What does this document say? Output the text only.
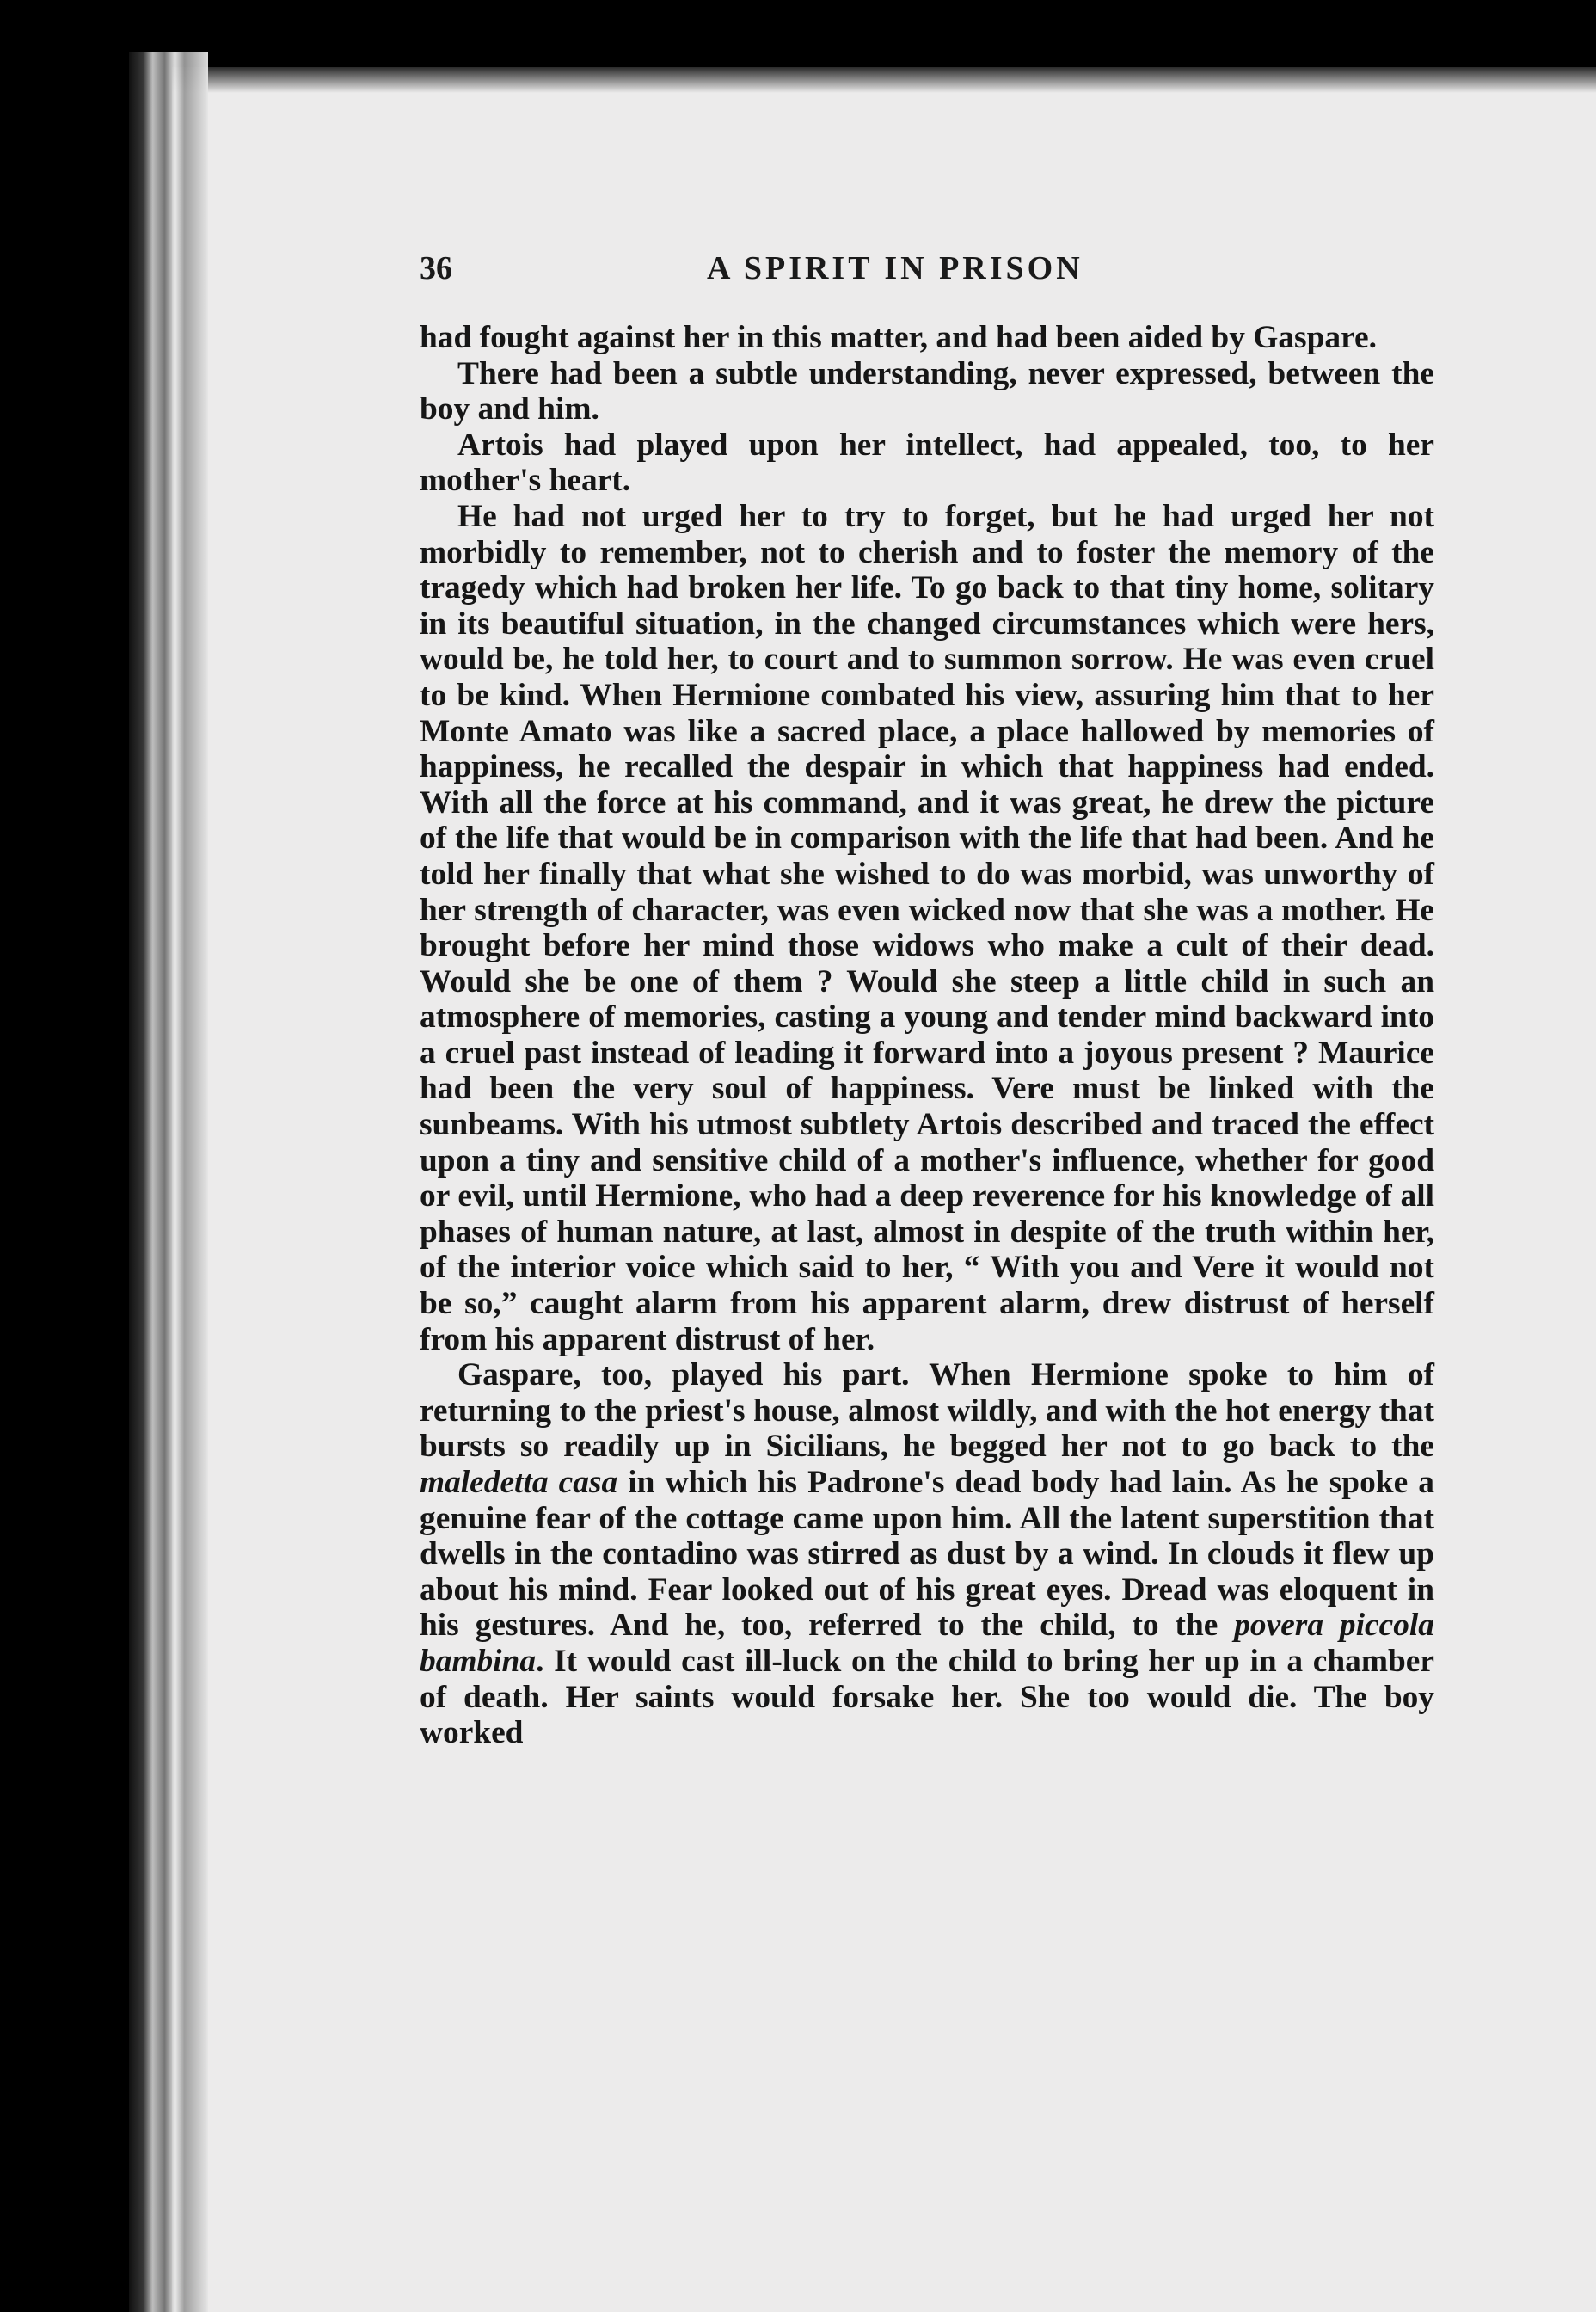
36	A SPIRIT IN PRISON

had fought against her in this matter, and had been aided by Gaspare.

There had been a subtle understanding, never expressed, between the boy and him.

Artois had played upon her intellect, had appealed, too, to her mother's heart.

He had not urged her to try to forget, but he had urged her not morbidly to remember, not to cherish and to foster the memory of the tragedy which had broken her life. To go back to that tiny home, solitary in its beautiful situation, in the changed circumstances which were hers, would be, he told her, to court and to summon sorrow. He was even cruel to be kind. When Hermione combated his view, assuring him that to her Monte Amato was like a sacred place, a place hallowed by memories of happiness, he recalled the despair in which that happiness had ended. With all the force at his command, and it was great, he drew the picture of the life that would be in comparison with the life that had been. And he told her finally that what she wished to do was morbid, was unworthy of her strength of character, was even wicked now that she was a mother. He brought before her mind those widows who make a cult of their dead. Would she be one of them ? Would she steep a little child in such an atmosphere of memories, casting a young and tender mind backward into a cruel past instead of leading it forward into a joyous present ? Maurice had been the very soul of happiness. Vere must be linked with the sunbeams. With his utmost subtlety Artois described and traced the effect upon a tiny and sensitive child of a mother's influence, whether for good or evil, until Hermione, who had a deep reverence for his knowledge of all phases of human nature, at last, almost in despite of the truth within her, of the interior voice which said to her, “ With you and Vere it would not be so,” caught alarm from his apparent alarm, drew distrust of herself from his apparent distrust of her.

Gaspare, too, played his part. When Hermione spoke to him of returning to the priest's house, almost wildly, and with the hot energy that bursts so readily up in Sicilians, he begged her not to go back to the maledetta casa in which his Padrone's dead body had lain. As he spoke a genuine fear of the cottage came upon him. All the latent superstition that dwells in the contadino was stirred as dust by a wind. In clouds it flew up about his mind. Fear looked out of his great eyes. Dread was eloquent in his gestures. And he, too, referred to the child, to the povera piccola bambina. It would cast ill-luck on the child to bring her up in a chamber of death. Her saints would forsake her. She too would die. The boy worked
